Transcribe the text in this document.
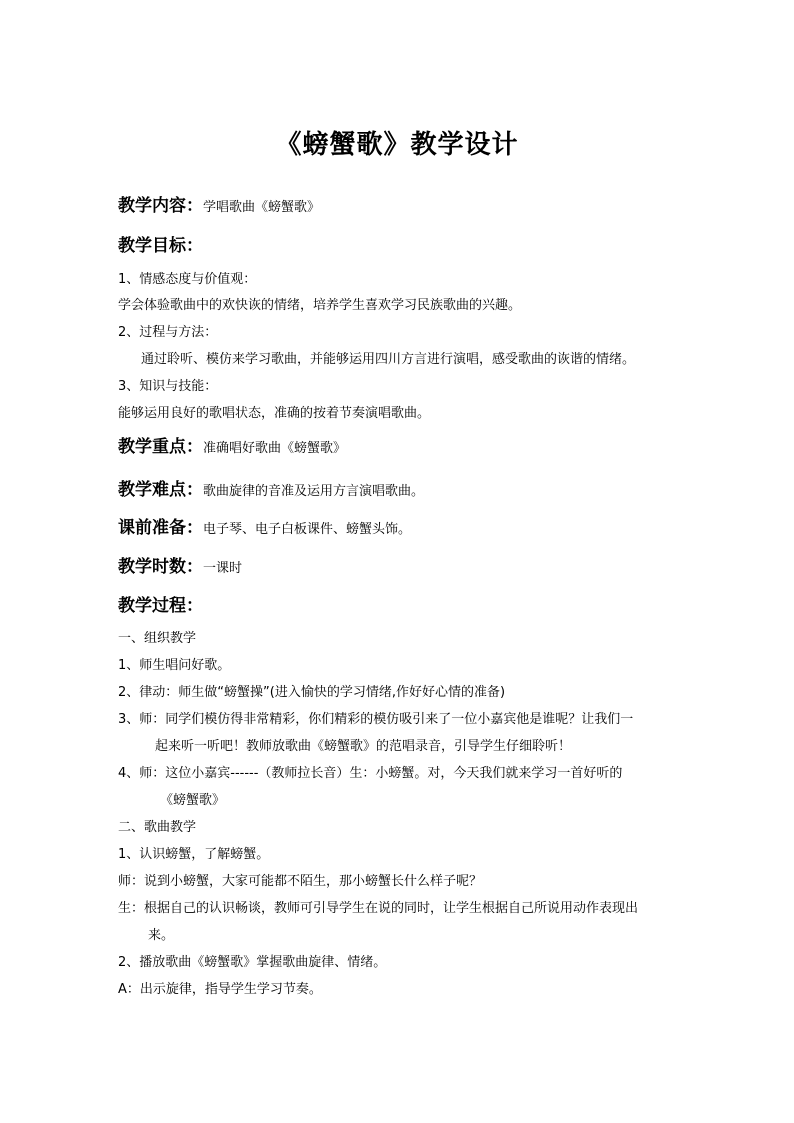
《螃蟹歌》教学设计
教学内容：学唱歌曲《螃蟹歌》
教学目标：
1、情感态度与价值观：
学会体验歌曲中的欢快诙的情绪，培养学生喜欢学习民族歌曲的兴趣。
2、过程与方法：
通过聆听、模仿来学习歌曲，并能够运用四川方言进行演唱，感受歌曲的诙谐的情绪。
3、知识与技能：
能够运用良好的歌唱状态，准确的按着节奏演唱歌曲。
教学重点：准确唱好歌曲《螃蟹歌》
教学难点：歌曲旋律的音准及运用方言演唱歌曲。
课前准备：电子琴、电子白板课件、螃蟹头饰。
教学时数：一课时
教学过程：
一、组织教学
1、师生唱问好歌。
2、律动：师生做“螃蟹操”(进入愉快的学习情绪,作好好心情的准备)
3、师：同学们模仿得非常精彩，你们精彩的模仿吸引来了一位小嘉宾他是谁呢？让我们一
起来听一听吧！教师放歌曲《螃蟹歌》的范唱录音，引导学生仔细聆听！
4、师：这位小嘉宾------（教师拉长音）生：小螃蟹。对，今天我们就来学习一首好听的
《螃蟹歌》
二、歌曲教学
1、认识螃蟹，了解螃蟹。
师：说到小螃蟹，大家可能都不陌生，那小螃蟹长什么样子呢？
生：根据自己的认识畅谈，教师可引导学生在说的同时，让学生根据自己所说用动作表现出
来。
2、播放歌曲《螃蟹歌》掌握歌曲旋律、情绪。
A：出示旋律，指导学生学习节奏。
